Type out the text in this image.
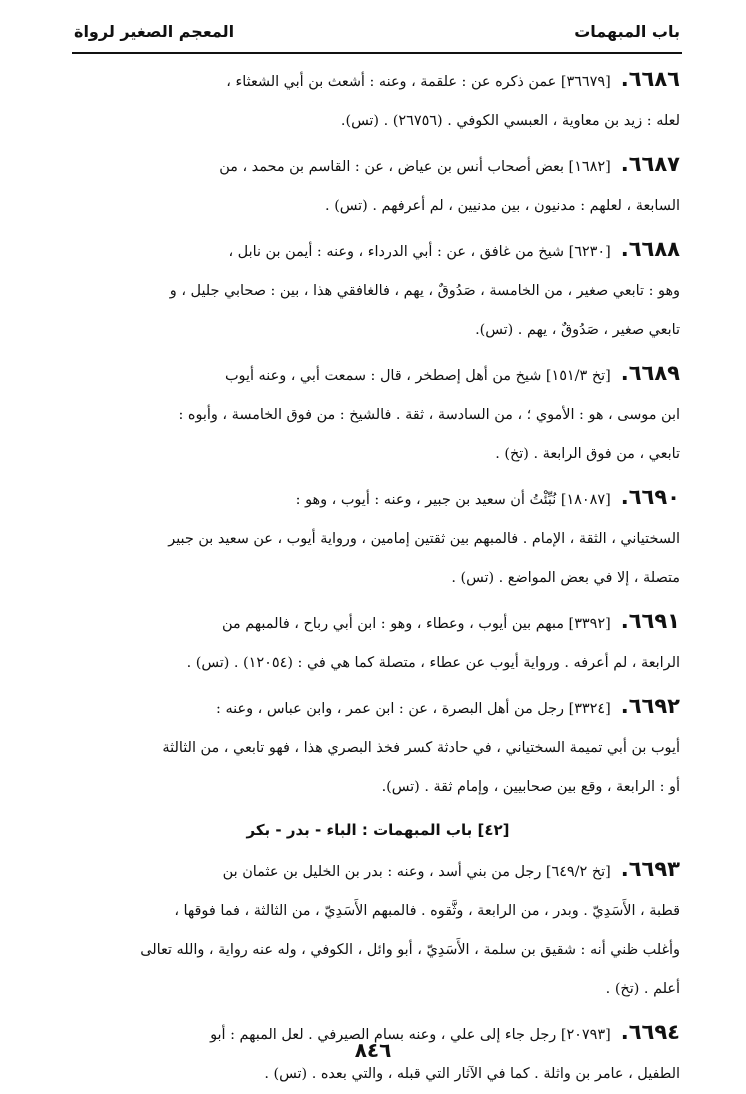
باب المبهمات
المعجم الصغير لرواة
٦٦٨٦.[٣٦٦٧٩] عمن ذكره عن : علقمة ، وعنه : أشعث بن أبي الشعثاء ،
لعله : زيد بن معاوية ، العبسي الكوفي . (٢٦٧٥٦) . (تس).
٦٦٨٧.[١٦٨٢] بعض أصحاب أنس بن عياض ، عن : القاسم بن محمد ، من
السابعة ، لعلهم : مدنيون ، بين مدنيين ، لم أعرفهم . (تس) .
٦٦٨٨.[٦٢٣٠] شيخ من غافق ، عن : أبي الدرداء ، وعنه : أيمن بن نابل ،
وهو : تابعي صغير ، من الخامسة ، صَدُوقٌ ، يهم ، فالغافقي هذا ، بين : صحابي جليل ، و
تابعي صغير ، صَدُوقٌ ، يهم . (تس).
٦٦٨٩.[تخ ١٥١/٣] شيخ من أهل إصطخر ، قال : سمعت أبي ، وعنه أيوب
ابن موسى ، هو : الأموي ؛ ، من السادسة ، ثقة . فالشيخ : من فوق الخامسة ، وأبوه :
تابعي ، من فوق الرابعة . (تخ) .
٦٦٩٠.[١٨٠٨٧] نُبِّئْتُ أن سعيد بن جبير ، وعنه : أيوب ، وهو :
السختياني ، الثقة ، الإمام . فالمبهم بين ثقتين إمامين ، ورواية أيوب ، عن سعيد بن جبير
متصلة ، إلا في بعض المواضع . (تس) .
٦٦٩١.[٣٣٩٢] مبهم بين أيوب ، وعطاء ، وهو : ابن أبي رباح ، فالمبهم من
الرابعة ، لم أعرفه . ورواية أيوب عن عطاء ، متصلة كما هي في : (١٢٠٥٤) . (تس) .
٦٦٩٢.[٣٣٢٤] رجل من أهل البصرة ، عن : ابن عمر ، وابن عباس ، وعنه :
أيوب بن أبي تميمة السختياني ، في حادثة كسر فخذ البصري هذا ، فهو تابعي ، من الثالثة
أو : الرابعة ، وقع بين صحابيين ، وإمام ثقة . (تس).
[٤٢] باب المبهمات : الباء - بدر - بكر
٦٦٩٣.[تخ ٦٤٩/٢] رجل من بني أسد ، وعنه : بدر بن الخليل بن عثمان بن
قطبة ، الأَسَدِيّ . وبدر ، من الرابعة ، وثَّقوه . فالمبهم الأَسَدِيّ ، من الثالثة ، فما فوقها ،
وأغلب ظني أنه : شقيق بن سلمة ، الأَسَدِيّ ، أبو وائل ، الكوفي ، وله عنه رواية ، والله تعالى
أعلم . (تخ) .
٦٦٩٤.[٢٠٧٩٣] رجل جاء إلى علي ، وعنه بسام الصيرفي . لعل المبهم : أبو
الطفيل ، عامر بن واثلة . كما في الآثار التي قبله ، والتي بعده . (تس) .
٨٤٦
